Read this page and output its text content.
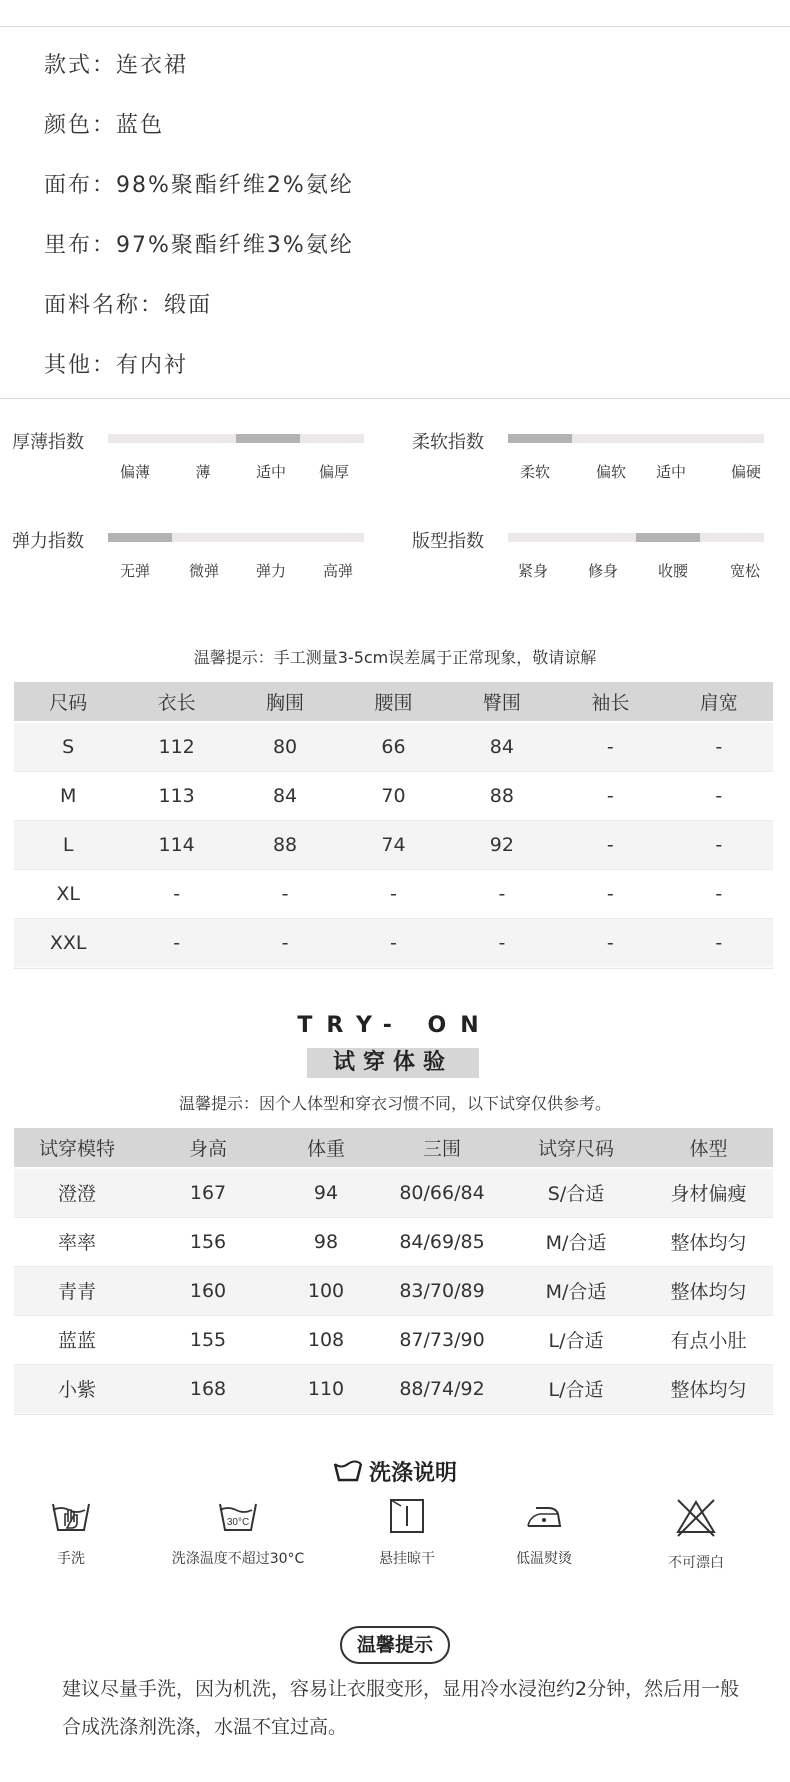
款式：连衣裙
颜色：蓝色
面布：98%聚酯纤维2%氨纶
里布：97%聚酯纤维3%氨纶
面料名称：缎面
其他：有内衬
厚薄指数
偏薄	薄	适中	偏厚
柔软指数
柔软	偏软	适中	偏硬
弹力指数
无弹	微弹	弹力	高弹
版型指数
紧身	修身	收腰	宽松
温馨提示：手工测量3-5cm误差属于正常现象，敬请谅解
尺码	衣长	胸围	腰围	臀围	袖长	肩宽
S	112	80	66	84	-	-
M	113	84	70	88	-	-
L	114	88	74	92	-	-
XL	-	-	-	-	-	-
XXL	-	-	-	-	-	-
TRY- ON
试穿体验
温馨提示：因个人体型和穿衣习惯不同，以下试穿仅供参考。
试穿模特	身高	体重	三围	试穿尺码	体型
澄澄	167	94	80/66/84	S/合适	身材偏瘦
率率	156	98	84/69/85	M/合适	整体均匀
青青	160	100	83/70/89	M/合适	整体均匀
蓝蓝	155	108	87/73/90	L/合适	有点小肚
小紫	168	110	88/74/92	L/合适	整体均匀
洗涤说明
手洗
30°C
洗涤温度不超过30°C	悬挂晾干	低温熨烫	不可漂白
温馨提示
建议尽量手洗，因为机洗，容易让衣服变形，显用冷水浸泡约2分钟，然后用一般合成洗涤剂洗涤，水温不宜过高。
